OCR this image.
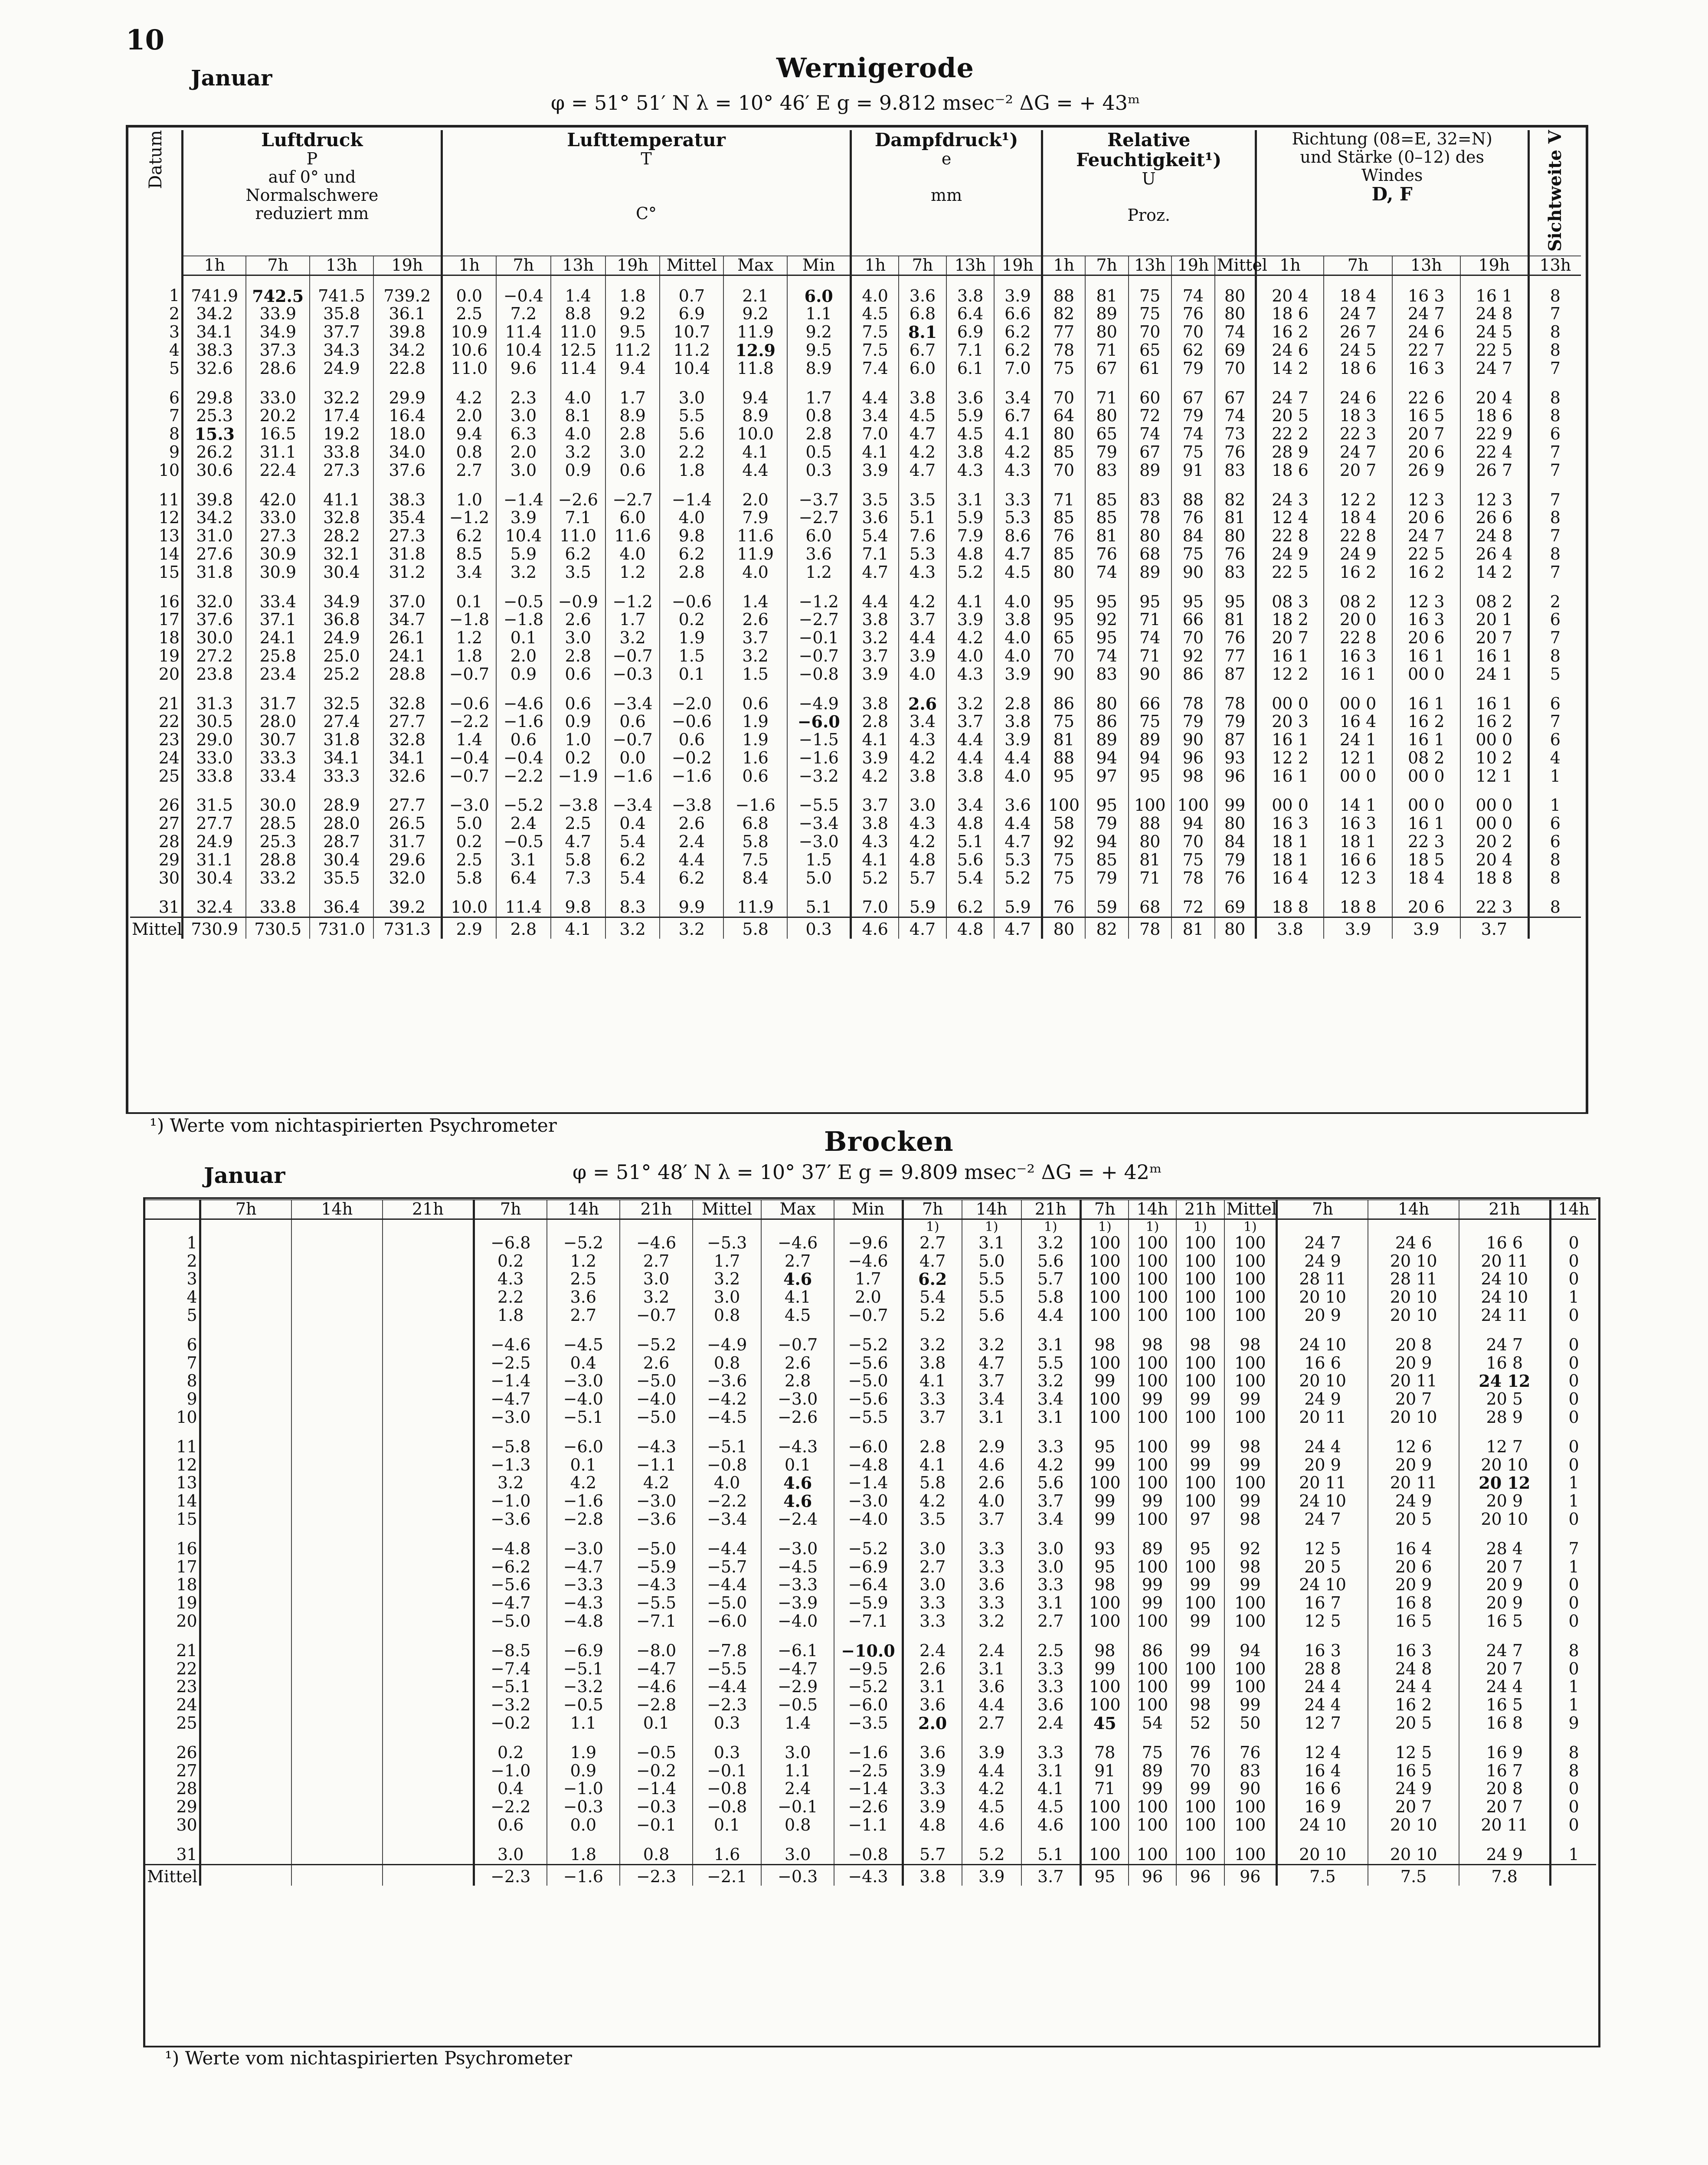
10
Januar	Wernigerode
φ = 51° 51′ N λ = 10° 46′ E g = 9.812 msec⁻² ΔG = + 43ᵐ
Datum	Luftdruck
P
auf 0° und Normalschwere reduziert mm				Lufttemperatur
T

C°							Dampfdruck¹)
e

mm				Relative Feuchtigkeit¹)
U

Proz.					Richtung (08=E, 32=N) und Stärke (0–12) des Windes
D, F				Sichtweite V
	1h	7h	13h	19h	1h	7h	13h	19h	Mittel	Max	Min	1h	7h	13h	19h	1h	7h	13h	19h	Mittel	1h	7h	13h	19h	13h
1	741.9	742.5	741.5	739.2	0.0	−0.4	1.4	1.8	0.7	2.1	6.0	4.0	3.6	3.8	3.9	88	81	75	74	80	20 4	18 4	16 3	16 1	8
2	34.2	33.9	35.8	36.1	2.5	7.2	8.8	9.2	6.9	9.2	1.1	4.5	6.8	6.4	6.6	82	89	75	76	80	18 6	24 7	24 7	24 8	7
3	34.1	34.9	37.7	39.8	10.9	11.4	11.0	9.5	10.7	11.9	9.2	7.5	8.1	6.9	6.2	77	80	70	70	74	16 2	26 7	24 6	24 5	8
4	38.3	37.3	34.3	34.2	10.6	10.4	12.5	11.2	11.2	12.9	9.5	7.5	6.7	7.1	6.2	78	71	65	62	69	24 6	24 5	22 7	22 5	8
5	32.6	28.6	24.9	22.8	11.0	9.6	11.4	9.4	10.4	11.8	8.9	7.4	6.0	6.1	7.0	75	67	61	79	70	14 2	18 6	16 3	24 7	7
6	29.8	33.0	32.2	29.9	4.2	2.3	4.0	1.7	3.0	9.4	1.7	4.4	3.8	3.6	3.4	70	71	60	67	67	24 7	24 6	22 6	20 4	8
7	25.3	20.2	17.4	16.4	2.0	3.0	8.1	8.9	5.5	8.9	0.8	3.4	4.5	5.9	6.7	64	80	72	79	74	20 5	18 3	16 5	18 6	8
8	15.3	16.5	19.2	18.0	9.4	6.3	4.0	2.8	5.6	10.0	2.8	7.0	4.7	4.5	4.1	80	65	74	74	73	22 2	22 3	20 7	22 9	6
9	26.2	31.1	33.8	34.0	0.8	2.0	3.2	3.0	2.2	4.1	0.5	4.1	4.2	3.8	4.2	85	79	67	75	76	28 9	24 7	20 6	22 4	7
10	30.6	22.4	27.3	37.6	2.7	3.0	0.9	0.6	1.8	4.4	0.3	3.9	4.7	4.3	4.3	70	83	89	91	83	18 6	20 7	26 9	26 7	7
11	39.8	42.0	41.1	38.3	1.0	−1.4	−2.6	−2.7	−1.4	2.0	−3.7	3.5	3.5	3.1	3.3	71	85	83	88	82	24 3	12 2	12 3	12 3	7
12	34.2	33.0	32.8	35.4	−1.2	3.9	7.1	6.0	4.0	7.9	−2.7	3.6	5.1	5.9	5.3	85	85	78	76	81	12 4	18 4	20 6	26 6	8
13	31.0	27.3	28.2	27.3	6.2	10.4	11.0	11.6	9.8	11.6	6.0	5.4	7.6	7.9	8.6	76	81	80	84	80	22 8	22 8	24 7	24 8	7
14	27.6	30.9	32.1	31.8	8.5	5.9	6.2	4.0	6.2	11.9	3.6	7.1	5.3	4.8	4.7	85	76	68	75	76	24 9	24 9	22 5	26 4	8
15	31.8	30.9	30.4	31.2	3.4	3.2	3.5	1.2	2.8	4.0	1.2	4.7	4.3	5.2	4.5	80	74	89	90	83	22 5	16 2	16 2	14 2	7
16	32.0	33.4	34.9	37.0	0.1	−0.5	−0.9	−1.2	−0.6	1.4	−1.2	4.4	4.2	4.1	4.0	95	95	95	95	95	08 3	08 2	12 3	08 2	2
17	37.6	37.1	36.8	34.7	−1.8	−1.8	2.6	1.7	0.2	2.6	−2.7	3.8	3.7	3.9	3.8	95	92	71	66	81	18 2	20 0	16 3	20 1	6
18	30.0	24.1	24.9	26.1	1.2	0.1	3.0	3.2	1.9	3.7	−0.1	3.2	4.4	4.2	4.0	65	95	74	70	76	20 7	22 8	20 6	20 7	7
19	27.2	25.8	25.0	24.1	1.8	2.0	2.8	−0.7	1.5	3.2	−0.7	3.7	3.9	4.0	4.0	70	74	71	92	77	16 1	16 3	16 1	16 1	8
20	23.8	23.4	25.2	28.8	−0.7	0.9	0.6	−0.3	0.1	1.5	−0.8	3.9	4.0	4.3	3.9	90	83	90	86	87	12 2	16 1	00 0	24 1	5
21	31.3	31.7	32.5	32.8	−0.6	−4.6	0.6	−3.4	−2.0	0.6	−4.9	3.8	2.6	3.2	2.8	86	80	66	78	78	00 0	00 0	16 1	16 1	6
22	30.5	28.0	27.4	27.7	−2.2	−1.6	0.9	0.6	−0.6	1.9	−6.0	2.8	3.4	3.7	3.8	75	86	75	79	79	20 3	16 4	16 2	16 2	7
23	29.0	30.7	31.8	32.8	1.4	0.6	1.0	−0.7	0.6	1.9	−1.5	4.1	4.3	4.4	3.9	81	89	89	90	87	16 1	24 1	16 1	00 0	6
24	33.0	33.3	34.1	34.1	−0.4	−0.4	0.2	0.0	−0.2	1.6	−1.6	3.9	4.2	4.4	4.4	88	94	94	96	93	12 2	12 1	08 2	10 2	4
25	33.8	33.4	33.3	32.6	−0.7	−2.2	−1.9	−1.6	−1.6	0.6	−3.2	4.2	3.8	3.8	4.0	95	97	95	98	96	16 1	00 0	00 0	12 1	1
26	31.5	30.0	28.9	27.7	−3.0	−5.2	−3.8	−3.4	−3.8	−1.6	−5.5	3.7	3.0	3.4	3.6	100	95	100	100	99	00 0	14 1	00 0	00 0	1
27	27.7	28.5	28.0	26.5	5.0	2.4	2.5	0.4	2.6	6.8	−3.4	3.8	4.3	4.8	4.4	58	79	88	94	80	16 3	16 3	16 1	00 0	6
28	24.9	25.3	28.7	31.7	0.2	−0.5	4.7	5.4	2.4	5.8	−3.0	4.3	4.2	5.1	4.7	92	94	80	70	84	18 1	18 1	22 3	20 2	6
29	31.1	28.8	30.4	29.6	2.5	3.1	5.8	6.2	4.4	7.5	1.5	4.1	4.8	5.6	5.3	75	85	81	75	79	18 1	16 6	18 5	20 4	8
30	30.4	33.2	35.5	32.0	5.8	6.4	7.3	5.4	6.2	8.4	5.0	5.2	5.7	5.4	5.2	75	79	71	78	76	16 4	12 3	18 4	18 8	8
31	32.4	33.8	36.4	39.2	10.0	11.4	9.8	8.3	9.9	11.9	5.1	7.0	5.9	6.2	5.9	76	59	68	72	69	18 8	18 8	20 6	22 3	8
Mittel	730.9	730.5	731.0	731.3	2.9	2.8	4.1	3.2	3.2	5.8	0.3	4.6	4.7	4.8	4.7	80	82	78	81	80	3.8	3.9	3.9	3.7	
¹) Werte vom nichtaspirierten Psychrometer
Brocken
Januar	φ = 51° 48′ N λ = 10° 37′ E g = 9.809 msec⁻² ΔG = + 42ᵐ
	7h	14h	21h	7h	14h	21h	Mittel	Max	Min	7h	14h	21h	7h	14h	21h	Mittel	7h	14h	21h	14h
										1)	1)	1)	1)	1)	1)	1)				
1				−6.8	−5.2	−4.6	−5.3	−4.6	−9.6	2.7	3.1	3.2	100	100	100	100	24 7	24 6	16 6	0
2				0.2	1.2	2.7	1.7	2.7	−4.6	4.7	5.0	5.6	100	100	100	100	24 9	20 10	20 11	0
3				4.3	2.5	3.0	3.2	4.6	1.7	6.2	5.5	5.7	100	100	100	100	28 11	28 11	24 10	0
4				2.2	3.6	3.2	3.0	4.1	2.0	5.4	5.5	5.8	100	100	100	100	20 10	20 10	24 10	1
5				1.8	2.7	−0.7	0.8	4.5	−0.7	5.2	5.6	4.4	100	100	100	100	20 9	20 10	24 11	0
6				−4.6	−4.5	−5.2	−4.9	−0.7	−5.2	3.2	3.2	3.1	98	98	98	98	24 10	20 8	24 7	0
7				−2.5	0.4	2.6	0.8	2.6	−5.6	3.8	4.7	5.5	100	100	100	100	16 6	20 9	16 8	0
8				−1.4	−3.0	−5.0	−3.6	2.8	−5.0	4.1	3.7	3.2	99	100	100	100	20 10	20 11	24 12	0
9				−4.7	−4.0	−4.0	−4.2	−3.0	−5.6	3.3	3.4	3.4	100	99	99	99	24 9	20 7	20 5	0
10				−3.0	−5.1	−5.0	−4.5	−2.6	−5.5	3.7	3.1	3.1	100	100	100	100	20 11	20 10	28 9	0
11				−5.8	−6.0	−4.3	−5.1	−4.3	−6.0	2.8	2.9	3.3	95	100	99	98	24 4	12 6	12 7	0
12				−1.3	0.1	−1.1	−0.8	0.1	−4.8	4.1	4.6	4.2	99	100	99	99	20 9	20 9	20 10	0
13				3.2	4.2	4.2	4.0	4.6	−1.4	5.8	2.6	5.6	100	100	100	100	20 11	20 11	20 12	1
14				−1.0	−1.6	−3.0	−2.2	4.6	−3.0	4.2	4.0	3.7	99	99	100	99	24 10	24 9	20 9	1
15				−3.6	−2.8	−3.6	−3.4	−2.4	−4.0	3.5	3.7	3.4	99	100	97	98	24 7	20 5	20 10	0
16				−4.8	−3.0	−5.0	−4.4	−3.0	−5.2	3.0	3.3	3.0	93	89	95	92	12 5	16 4	28 4	7
17				−6.2	−4.7	−5.9	−5.7	−4.5	−6.9	2.7	3.3	3.0	95	100	100	98	20 5	20 6	20 7	1
18				−5.6	−3.3	−4.3	−4.4	−3.3	−6.4	3.0	3.6	3.3	98	99	99	99	24 10	20 9	20 9	0
19				−4.7	−4.3	−5.5	−5.0	−3.9	−5.9	3.3	3.3	3.1	100	99	100	100	16 7	16 8	20 9	0
20				−5.0	−4.8	−7.1	−6.0	−4.0	−7.1	3.3	3.2	2.7	100	100	99	100	12 5	16 5	16 5	0
21				−8.5	−6.9	−8.0	−7.8	−6.1	−10.0	2.4	2.4	2.5	98	86	99	94	16 3	16 3	24 7	8
22				−7.4	−5.1	−4.7	−5.5	−4.7	−9.5	2.6	3.1	3.3	99	100	100	100	28 8	24 8	20 7	0
23				−5.1	−3.2	−4.6	−4.4	−2.9	−5.2	3.1	3.6	3.3	100	100	99	100	24 4	24 4	24 4	1
24				−3.2	−0.5	−2.8	−2.3	−0.5	−6.0	3.6	4.4	3.6	100	100	98	99	24 4	16 2	16 5	1
25				−0.2	1.1	0.1	0.3	1.4	−3.5	2.0	2.7	2.4	45	54	52	50	12 7	20 5	16 8	9
26				0.2	1.9	−0.5	0.3	3.0	−1.6	3.6	3.9	3.3	78	75	76	76	12 4	12 5	16 9	8
27				−1.0	0.9	−0.2	−0.1	1.1	−2.5	3.9	4.4	3.1	91	89	70	83	16 4	16 5	16 7	8
28				0.4	−1.0	−1.4	−0.8	2.4	−1.4	3.3	4.2	4.1	71	99	99	90	16 6	24 9	20 8	0
29				−2.2	−0.3	−0.3	−0.8	−0.1	−2.6	3.9	4.5	4.5	100	100	100	100	16 9	20 7	20 7	0
30				0.6	0.0	−0.1	0.1	0.8	−1.1	4.8	4.6	4.6	100	100	100	100	24 10	20 10	20 11	0
31				3.0	1.8	0.8	1.6	3.0	−0.8	5.7	5.2	5.1	100	100	100	100	20 10	20 10	24 9	1
Mittel				−2.3	−1.6	−2.3	−2.1	−0.3	−4.3	3.8	3.9	3.7	95	96	96	96	7.5	7.5	7.8	
¹) Werte vom nichtaspirierten Psychrometer
